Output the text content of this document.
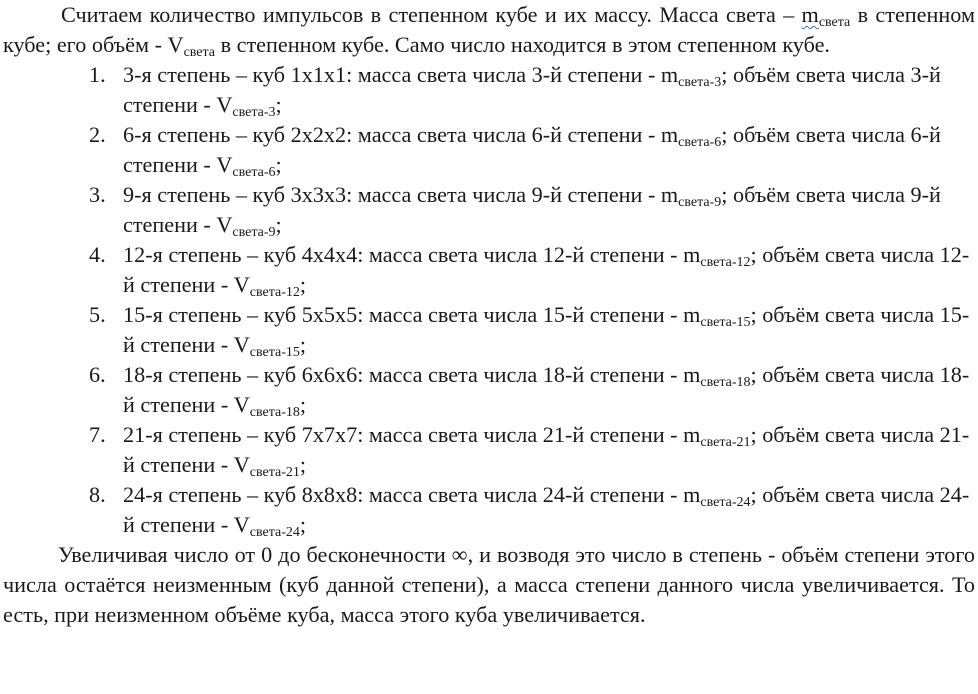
Считаем количество импульсов в степенном кубе и их массу. Масса света – $m_{света}$ в степенном кубе; его объём - $V_{света}$ в степенном кубе. Само число находится в этом степенном кубе.

1. 3-я степень – куб 1x1x1: масса света числа 3-й степени - $m_{света-3}$; объём света числа 3-й степени - $V_{света-3}$;
2. 6-я степень – куб 2x2x2: масса света числа 6-й степени - $m_{света-6}$; объём света числа 6-й степени - $V_{света-6}$;
3. 9-я степень – куб 3x3x3: масса света числа 9-й степени - $m_{света-9}$; объём света числа 9-й степени - $V_{света-9}$;
4. 12-я степень – куб 4x4x4: масса света числа 12-й степени - $m_{света-12}$; объём света числа 12-й степени - $V_{света-12}$;
5. 15-я степень – куб 5x5x5: масса света числа 15-й степени - $m_{света-15}$; объём света числа 15-й степени - $V_{света-15}$;
6. 18-я степень – куб 6x6x6: масса света числа 18-й степени - $m_{света-18}$; объём света числа 18-й степени - $V_{света-18}$;
7. 21-я степень – куб 7x7x7: масса света числа 21-й степени - $m_{света-21}$; объём света числа 21-й степени - $V_{света-21}$;
8. 24-я степень – куб 8x8x8: масса света числа 24-й степени - $m_{света-24}$; объём света числа 24-й степени - $V_{света-24}$;

Увеличивая число от 0 до бесконечности ∞, и возводя это число в степень - объём степени этого числа остаётся неизменным (куб данной степени), а масса степени данного числа увеличивается. То есть, при неизменном объёме куба, масса этого куба увеличивается.
